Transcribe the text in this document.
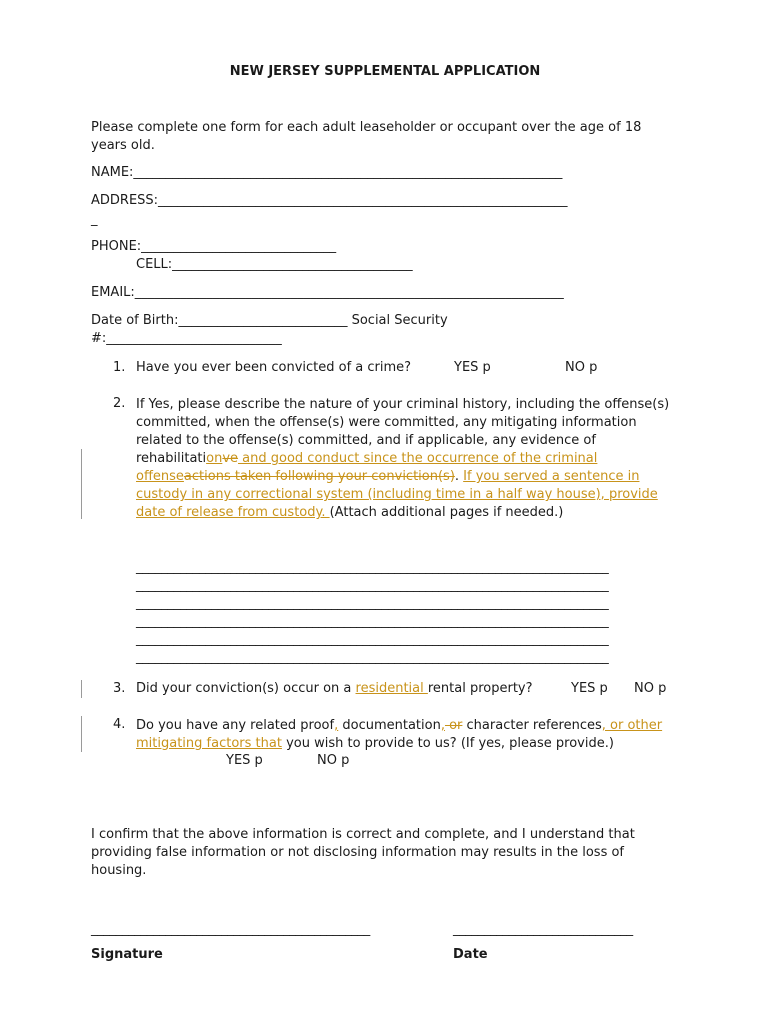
NEW JERSEY SUPPLEMENTAL APPLICATION
Please complete one form for each adult leaseholder or occupant over the age of 18 years old.
NAME:__________________________________________________________________
ADDRESS:_______________________________________________________________
_
PHONE:______________________________
CELL:_____________________________________
EMAIL:__________________________________________________________________
Date of Birth:__________________________ Social Security
#:___________________________
1. Have you ever been convicted of a crime?	YES p	NO p
2. If Yes, please describe the nature of your criminal history, including the offense(s) committed, when the offense(s) were committed, any mitigating information related to the offense(s) committed, and if applicable, any evidence of rehabilitationve and good conduct since the occurrence of the criminal offenseactions taken following your conviction(s). If you served a sentence in custody in any correctional system (including time in a half way house), provide date of release from custody. (Attach additional pages if needed.)
___________________________________________________________________________
___________________________________________________________________________
___________________________________________________________________________
___________________________________________________________________________
___________________________________________________________________________
___________________________________________________________________________
3. Did your conviction(s) occur on a residential rental property?	YES p NO p
4. Do you have any related proof, documentation, or character references, or other mitigating factors that you wish to provide to us? (If yes, please provide.)
YES p	NO p
I confirm that the above information is correct and complete, and I understand that providing false information or not disclosing information may results in the loss of housing.
_____________________________________________	_____________________________
Signature	Date
